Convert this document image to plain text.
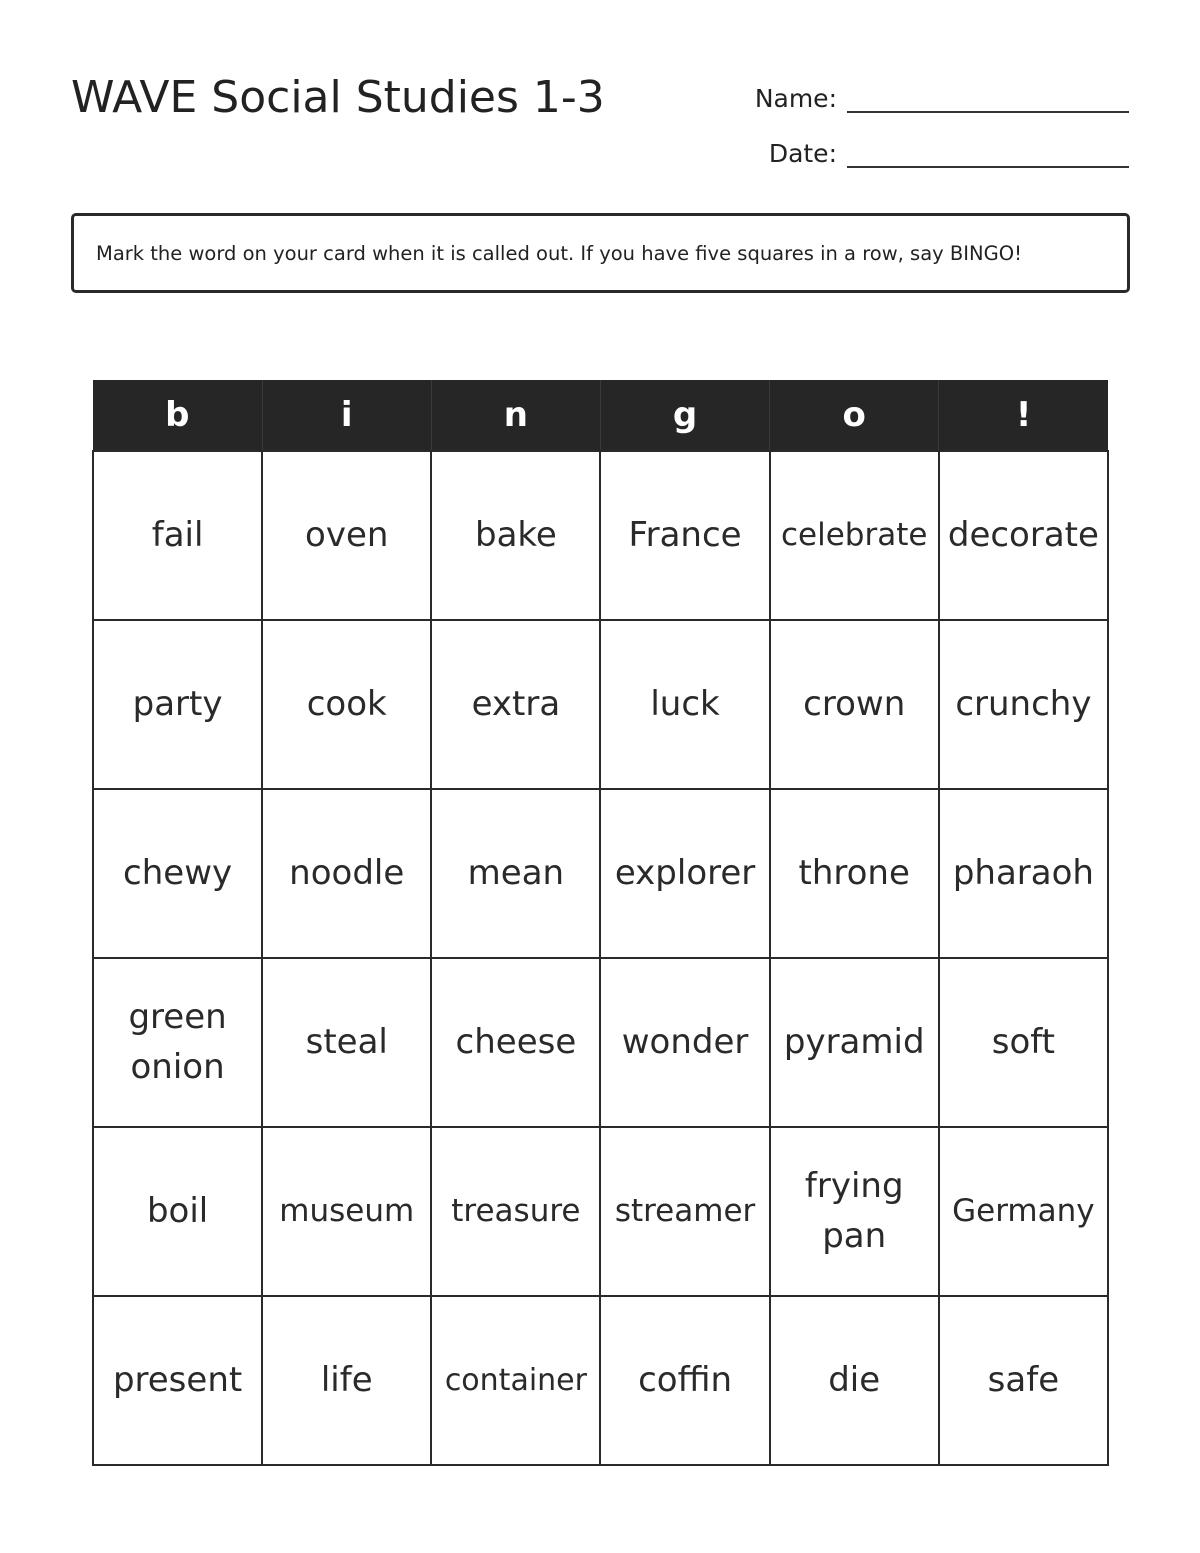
WAVE Social Studies 1-3	Name:
Date:
Mark the word on your card when it is called out. If you have five squares in a row, say BINGO!
b	i	n	g	o	!
fail	oven	bake	France	celebrate	decorate
party	cook	extra	luck	crown	crunchy
chewy	noodle	mean	explorer	throne	pharaoh
green onion	steal	cheese	wonder	pyramid	soft
boil	museum	treasure	streamer	frying pan	Germany
present	life	container	coffin	die	safe
